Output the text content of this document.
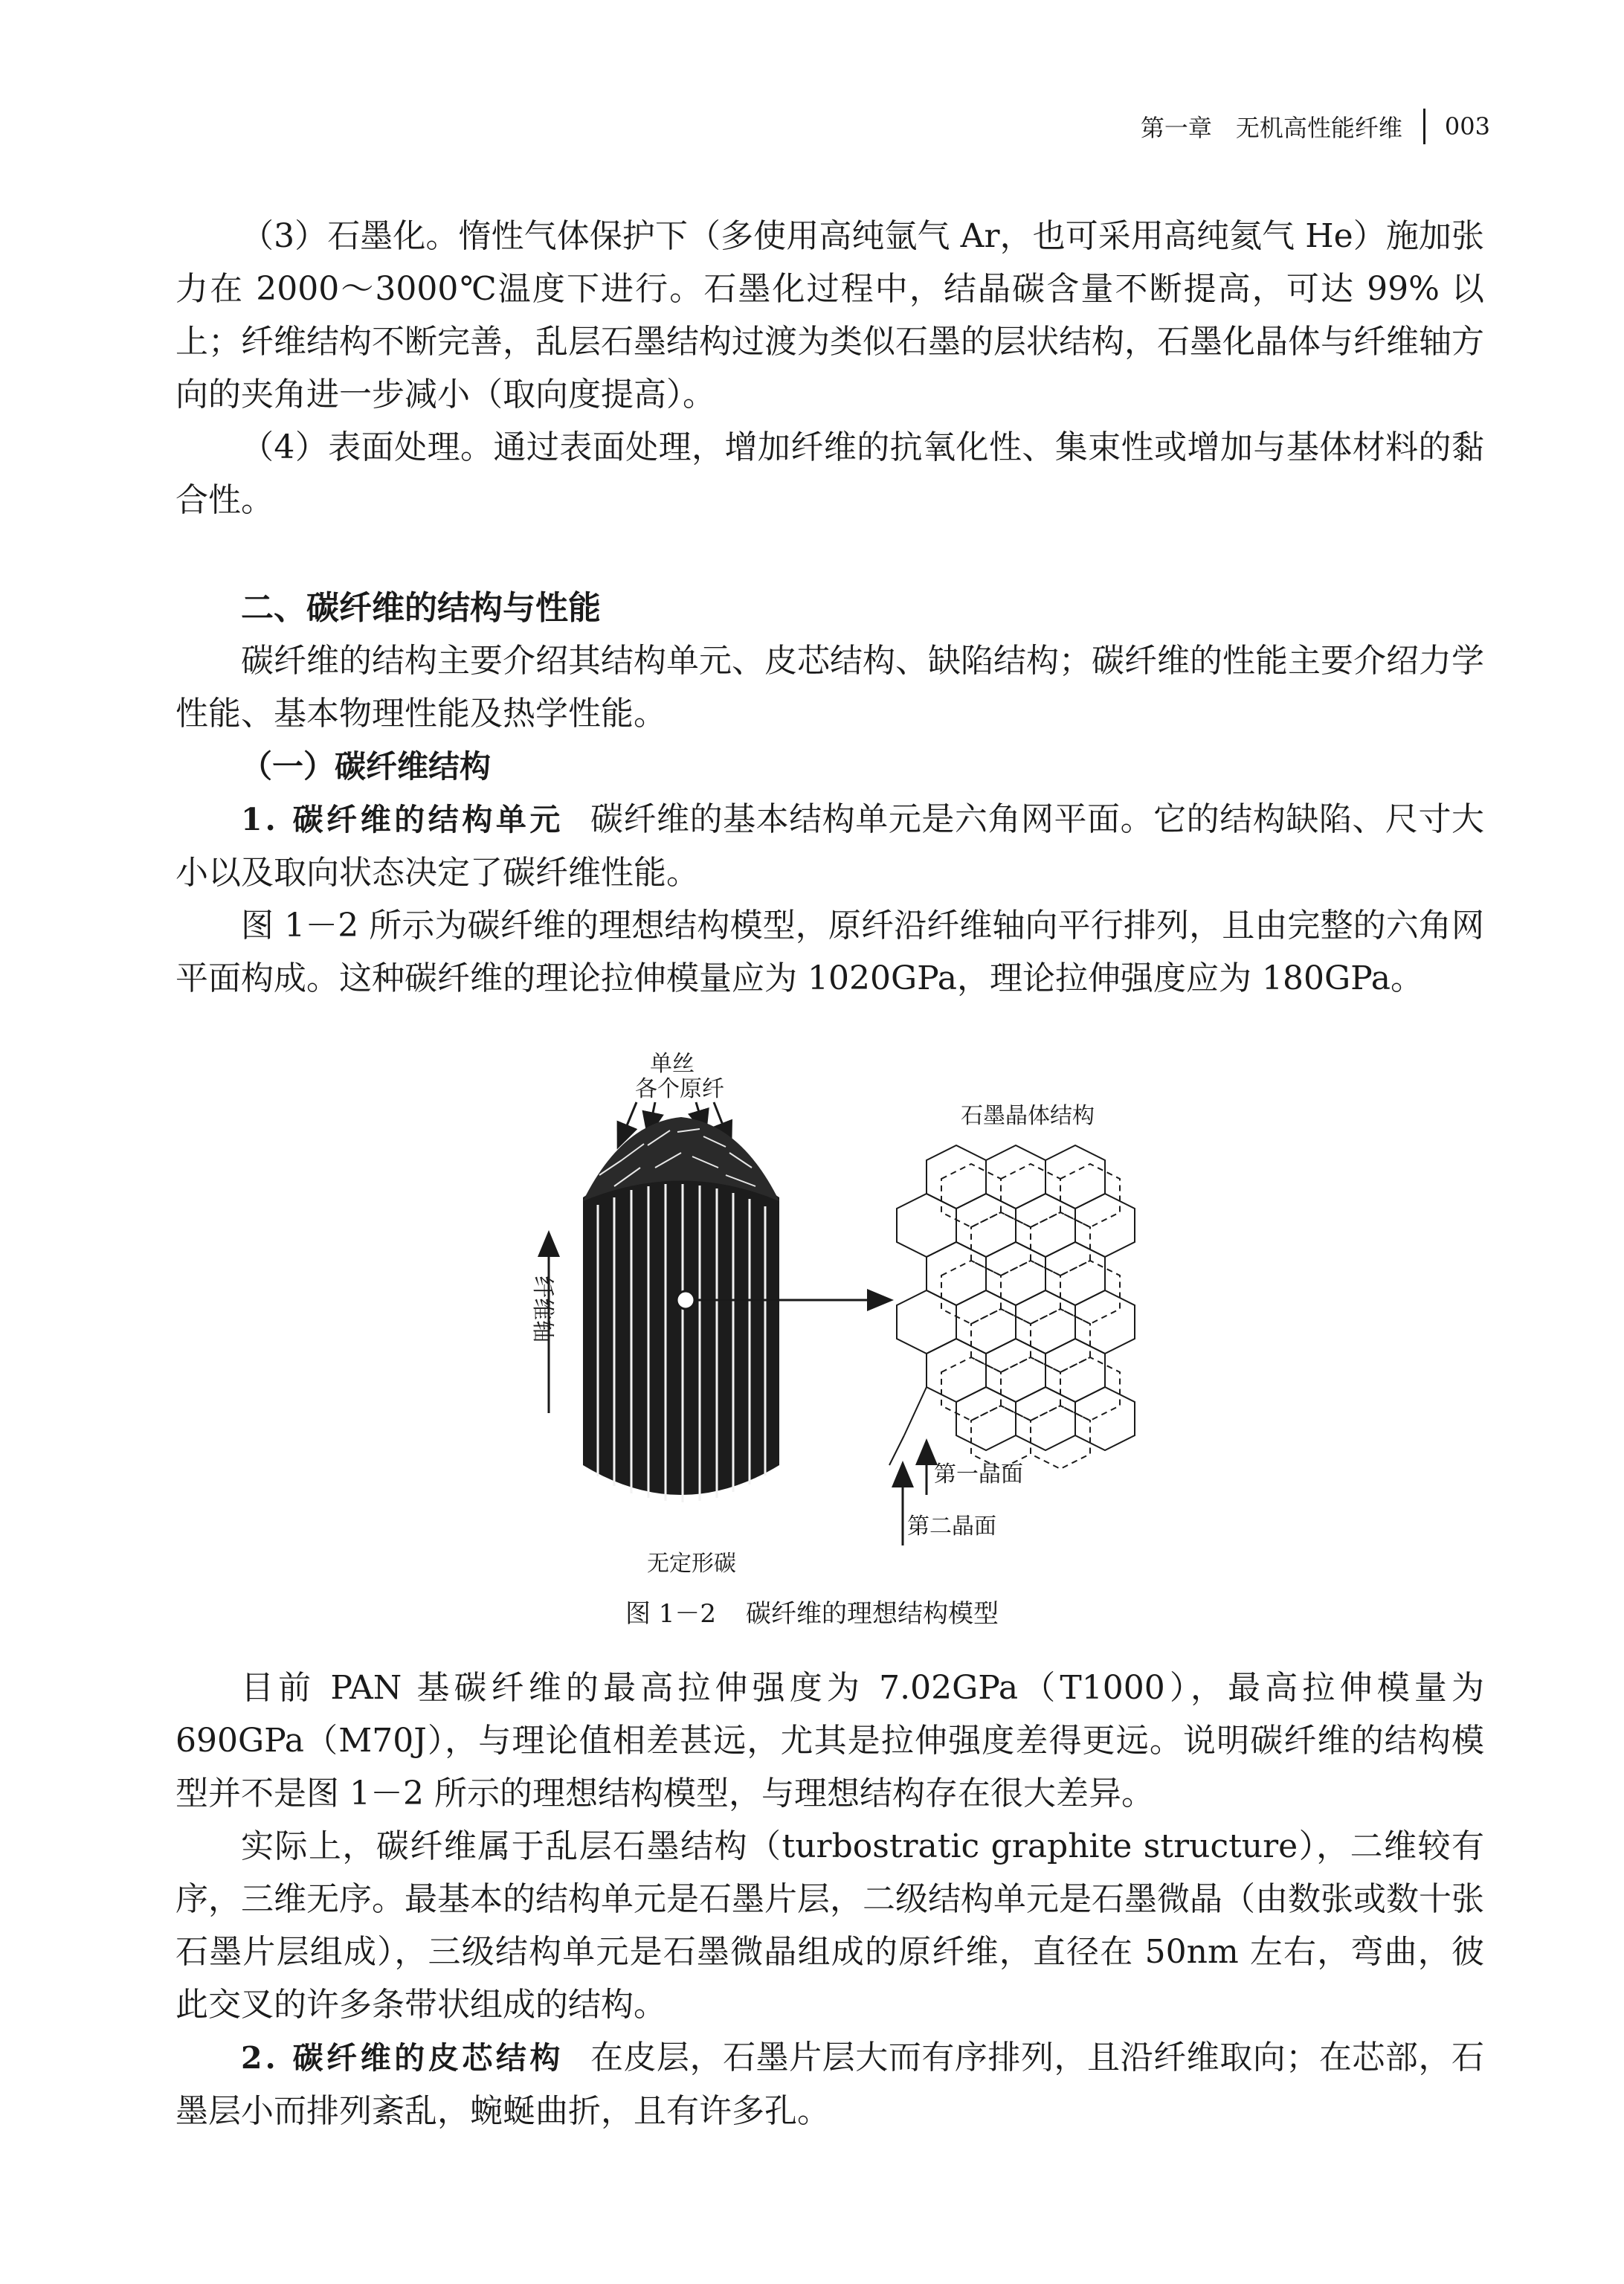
第一章　无机高性能纤维 003

（3）石墨化。惰性气体保护下（多使用高纯氩气 Ar，也可采用高纯氦气 He）施加张力在 2000～3000℃温度下进行。石墨化过程中，结晶碳含量不断提高，可达 99% 以上；纤维结构不断完善，乱层石墨结构过渡为类似石墨的层状结构，石墨化晶体与纤维轴方向的夹角进一步减小（取向度提高）。

（4）表面处理。通过表面处理，增加纤维的抗氧化性、集束性或增加与基体材料的黏合性。

二、碳纤维的结构与性能

碳纤维的结构主要介绍其结构单元、皮芯结构、缺陷结构；碳纤维的性能主要介绍力学性能、基本物理性能及热学性能。

（一）碳纤维结构

1. 碳纤维的结构单元 碳纤维的基本结构单元是六角网平面。它的结构缺陷、尺寸大小以及取向状态决定了碳纤维性能。

图 1－2 所示为碳纤维的理想结构模型，原纤沿纤维轴向平行排列，且由完整的六角网平面构成。这种碳纤维的理论拉伸模量应为 1020GPa，理论拉伸强度应为 180GPa。

单丝
各个原纤
石墨晶体结构
无定形碳
第一晶面
第二晶面
纤维轴
图 1－2 碳纤维的理想结构模型

目前 PAN 基碳纤维的最高拉伸强度为 7.02GPa（T1000），最高拉伸模量为 690GPa（M70J），与理论值相差甚远，尤其是拉伸强度差得更远。说明碳纤维的结构模型并不是图 1－2 所示的理想结构模型，与理想结构存在很大差异。

实际上，碳纤维属于乱层石墨结构（turbostratic graphite structure），二维较有序，三维无序。最基本的结构单元是石墨片层，二级结构单元是石墨微晶（由数张或数十张石墨片层组成），三级结构单元是石墨微晶组成的原纤维，直径在 50nm 左右，弯曲，彼此交叉的许多条带状组成的结构。

2. 碳纤维的皮芯结构 在皮层，石墨片层大而有序排列，且沿纤维取向；在芯部，石墨层小而排列紊乱，蜿蜒曲折，且有许多孔。
